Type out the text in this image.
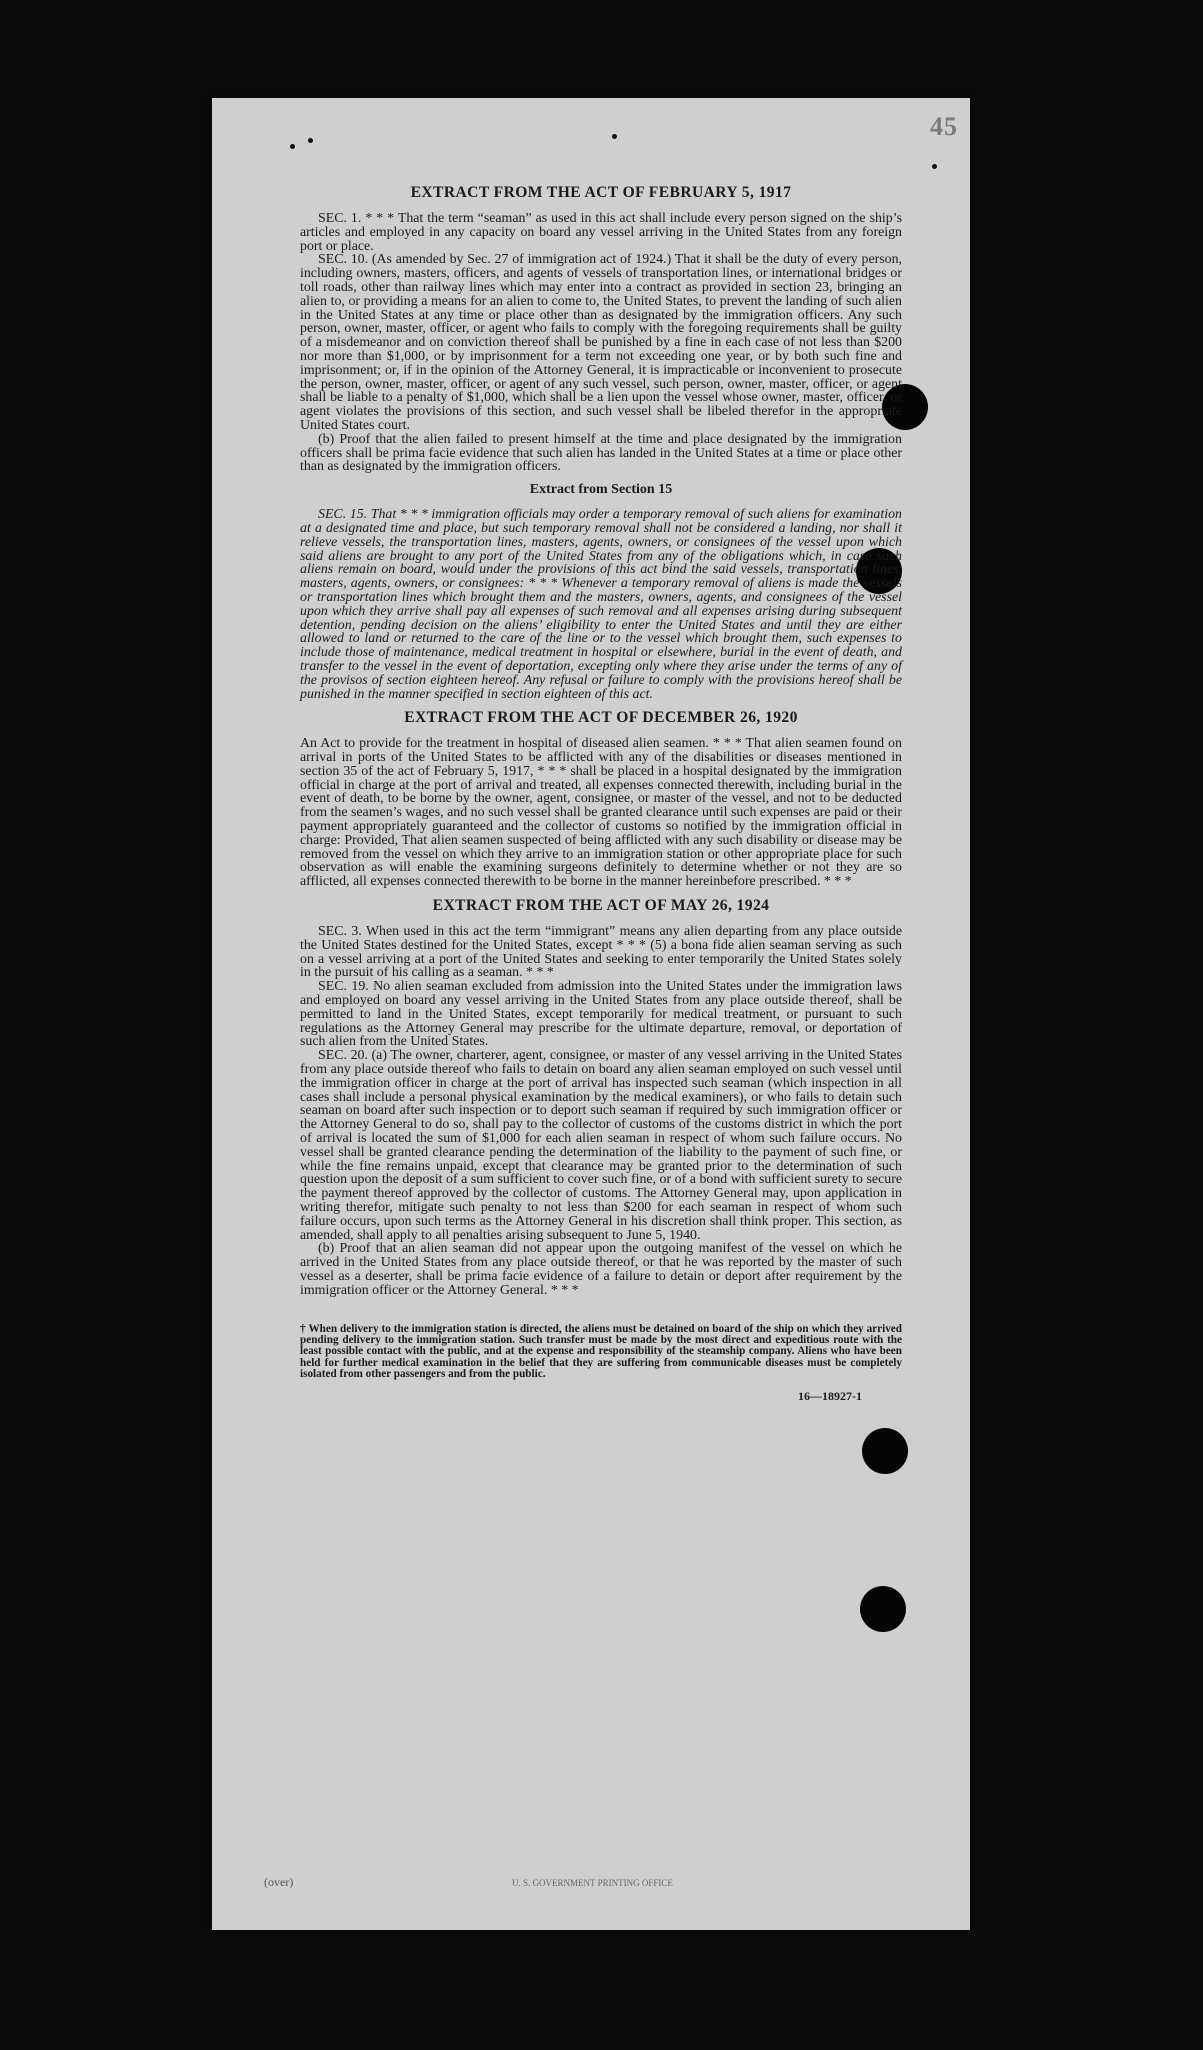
45
EXTRACT FROM THE ACT OF FEBRUARY 5, 1917

SEC. 1. * * * That the term “seaman” as used in this act shall include every person signed on the ship’s articles and employed in any capacity on board any vessel arriving in the United States from any foreign port or place.

SEC. 10. (As amended by Sec. 27 of immigration act of 1924.) That it shall be the duty of every person, including owners, masters, officers, and agents of vessels of transportation lines, or international bridges or toll roads, other than railway lines which may enter into a contract as provided in section 23, bringing an alien to, or providing a means for an alien to come to, the United States, to prevent the landing of such alien in the United States at any time or place other than as designated by the immigration officers. Any such person, owner, master, officer, or agent who fails to comply with the foregoing requirements shall be guilty of a misdemeanor and on conviction thereof shall be punished by a fine in each case of not less than $200 nor more than $1,000, or by imprisonment for a term not exceeding one year, or by both such fine and imprisonment; or, if in the opinion of the Attorney General, it is impracticable or inconvenient to prosecute the person, owner, master, officer, or agent of any such vessel, such person, owner, master, officer, or agent shall be liable to a penalty of $1,000, which shall be a lien upon the vessel whose owner, master, officer, or agent violates the provisions of this section, and such vessel shall be libeled therefor in the appropriate United States court.

(b) Proof that the alien failed to present himself at the time and place designated by the immigration officers shall be prima facie evidence that such alien has landed in the United States at a time or place other than as designated by the immigration officers.

Extract from Section 15

SEC. 15. That * * * immigration officials may order a temporary removal of such aliens for examination at a designated time and place, but such temporary removal shall not be considered a landing, nor shall it relieve vessels, the transportation lines, masters, agents, owners, or consignees of the vessel upon which said aliens are brought to any port of the United States from any of the obligations which, in case such aliens remain on board, would under the provisions of this act bind the said vessels, transportation lines, masters, agents, owners, or consignees: * * * Whenever a temporary removal of aliens is made the vessels or transportation lines which brought them and the masters, owners, agents, and consignees of the vessel upon which they arrive shall pay all expenses of such removal and all expenses arising during subsequent detention, pending decision on the aliens’ eligibility to enter the United States and until they are either allowed to land or returned to the care of the line or to the vessel which brought them, such expenses to include those of maintenance, medical treatment in hospital or elsewhere, burial in the event of death, and transfer to the vessel in the event of deportation, excepting only where they arise under the terms of any of the provisos of section eighteen hereof. Any refusal or failure to comply with the provisions hereof shall be punished in the manner specified in section eighteen of this act.

EXTRACT FROM THE ACT OF DECEMBER 26, 1920

An Act to provide for the treatment in hospital of diseased alien seamen. * * * That alien seamen found on arrival in ports of the United States to be afflicted with any of the disabilities or diseases mentioned in section 35 of the act of February 5, 1917, * * * shall be placed in a hospital designated by the immigration official in charge at the port of arrival and treated, all expenses connected therewith, including burial in the event of death, to be borne by the owner, agent, consignee, or master of the vessel, and not to be deducted from the seamen’s wages, and no such vessel shall be granted clearance until such expenses are paid or their payment appropriately guaranteed and the collector of customs so notified by the immigration official in charge: Provided, That alien seamen suspected of being afflicted with any such disability or disease may be removed from the vessel on which they arrive to an immigration station or other appropriate place for such observation as will enable the examining surgeons definitely to determine whether or not they are so afflicted, all expenses connected therewith to be borne in the manner hereinbefore prescribed. * * *

EXTRACT FROM THE ACT OF MAY 26, 1924

SEC. 3. When used in this act the term “immigrant” means any alien departing from any place outside the United States destined for the United States, except * * * (5) a bona fide alien seaman serving as such on a vessel arriving at a port of the United States and seeking to enter temporarily the United States solely in the pursuit of his calling as a seaman. * * *

SEC. 19. No alien seaman excluded from admission into the United States under the immigration laws and employed on board any vessel arriving in the United States from any place outside thereof, shall be permitted to land in the United States, except temporarily for medical treatment, or pursuant to such regulations as the Attorney General may prescribe for the ultimate departure, removal, or deportation of such alien from the United States.

SEC. 20. (a) The owner, charterer, agent, consignee, or master of any vessel arriving in the United States from any place outside thereof who fails to detain on board any alien seaman employed on such vessel until the immigration officer in charge at the port of arrival has inspected such seaman (which inspection in all cases shall include a personal physical examination by the medical examiners), or who fails to detain such seaman on board after such inspection or to deport such seaman if required by such immigration officer or the Attorney General to do so, shall pay to the collector of customs of the customs district in which the port of arrival is located the sum of $1,000 for each alien seaman in respect of whom such failure occurs. No vessel shall be granted clearance pending the determination of the liability to the payment of such fine, or while the fine remains unpaid, except that clearance may be granted prior to the determination of such question upon the deposit of a sum sufficient to cover such fine, or of a bond with sufficient surety to secure the payment thereof approved by the collector of customs. The Attorney General may, upon application in writing therefor, mitigate such penalty to not less than $200 for each seaman in respect of whom such failure occurs, upon such terms as the Attorney General in his discretion shall think proper. This section, as amended, shall apply to all penalties arising subsequent to June 5, 1940.

(b) Proof that an alien seaman did not appear upon the outgoing manifest of the vessel on which he arrived in the United States from any place outside thereof, or that he was reported by the master of such vessel as a deserter, shall be prima facie evidence of a failure to detain or deport after requirement by the immigration officer or the Attorney General. * * *

† When delivery to the immigration station is directed, the aliens must be detained on board of the ship on which they arrived pending delivery to the immigration station. Such transfer must be made by the most direct and expeditious route with the least possible contact with the public, and at the expense and responsibility of the steamship company. Aliens who have been held for further medical examination in the belief that they are suffering from communicable diseases must be completely isolated from other passengers and from the public.
16—18927-1
(over)	U. S. GOVERNMENT PRINTING OFFICE
